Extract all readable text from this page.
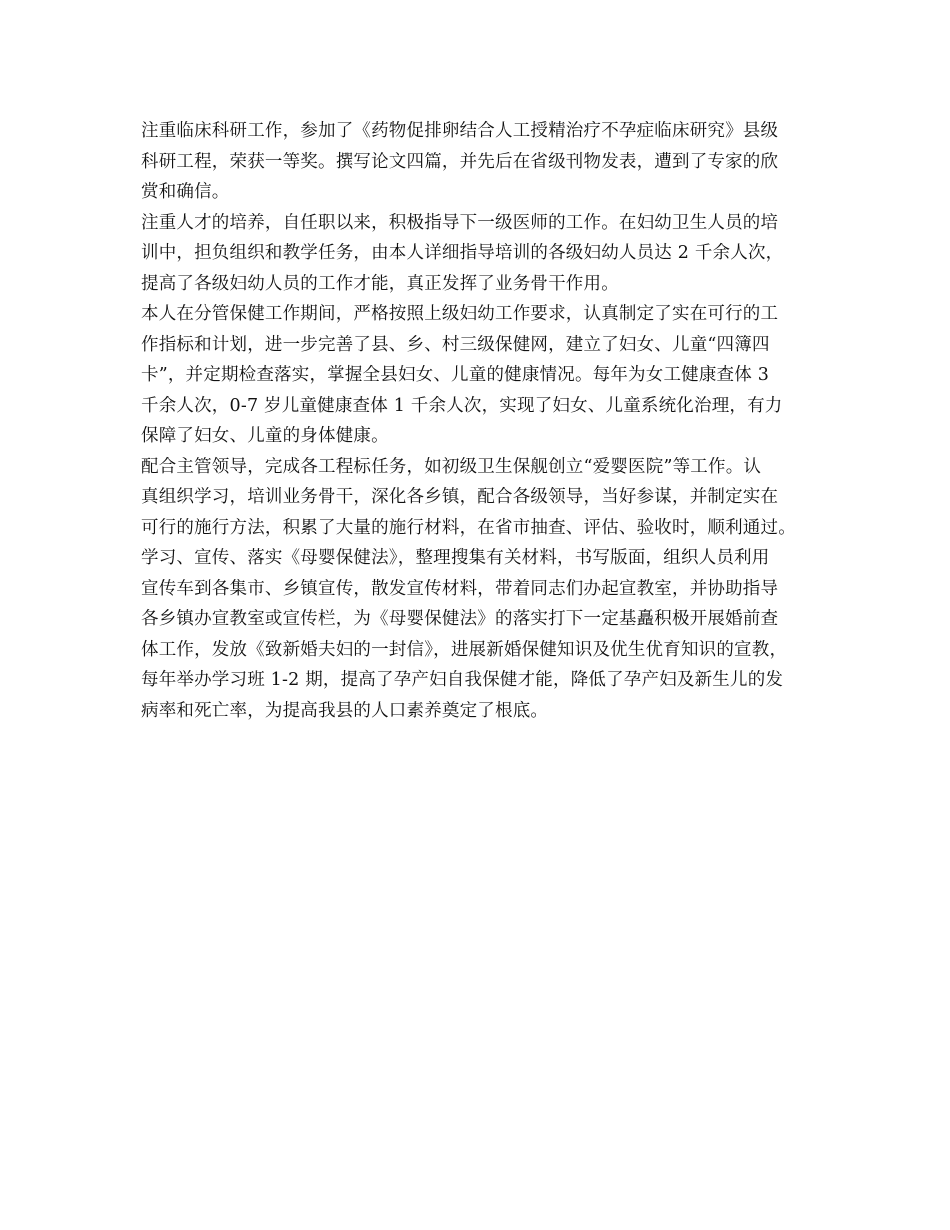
注重临床科研工作，参加了《药物促排卵结合人工授精治疗不孕症临床研究》县级
科研工程，荣获一等奖。撰写论文四篇，并先后在省级刊物发表，遭到了专家的欣
赏和确信。
注重人才的培养，自任职以来，积极指导下一级医师的工作。在妇幼卫生人员的培
训中，担负组织和教学任务，由本人详细指导培训的各级妇幼人员达 2 千余人次，
提高了各级妇幼人员的工作才能，真正发挥了业务骨干作用。
本人在分管保健工作期间，严格按照上级妇幼工作要求，认真制定了实在可行的工
作指标和计划，进一步完善了县、乡、村三级保健网，建立了妇女、儿童“四簿四
卡”，并定期检查落实，掌握全县妇女、儿童的健康情况。每年为女工健康查体 3
千余人次，0-7 岁儿童健康查体 1 千余人次，实现了妇女、儿童系统化治理，有力
保障了妇女、儿童的身体健康。
配合主管领导，完成各工程标任务，如初级卫生保舰创立“爱婴医院”等工作。认
真组织学习，培训业务骨干，深化各乡镇，配合各级领导，当好参谋，并制定实在
可行的施行方法，积累了大量的施行材料，在省市抽查、评估、验收时，顺利通过。
学习、宣传、落实《母婴保健法》，整理搜集有关材料，书写版面，组织人员利用
宣传车到各集市、乡镇宣传，散发宣传材料，带着同志们办起宣教室，并协助指导
各乡镇办宣教室或宣传栏，为《母婴保健法》的落实打下一定基矗积极开展婚前查
体工作，发放《致新婚夫妇的一封信》，进展新婚保健知识及优生优育知识的宣教，
每年举办学习班 1-2 期，提高了孕产妇自我保健才能，降低了孕产妇及新生儿的发
病率和死亡率，为提高我县的人口素养奠定了根底。
